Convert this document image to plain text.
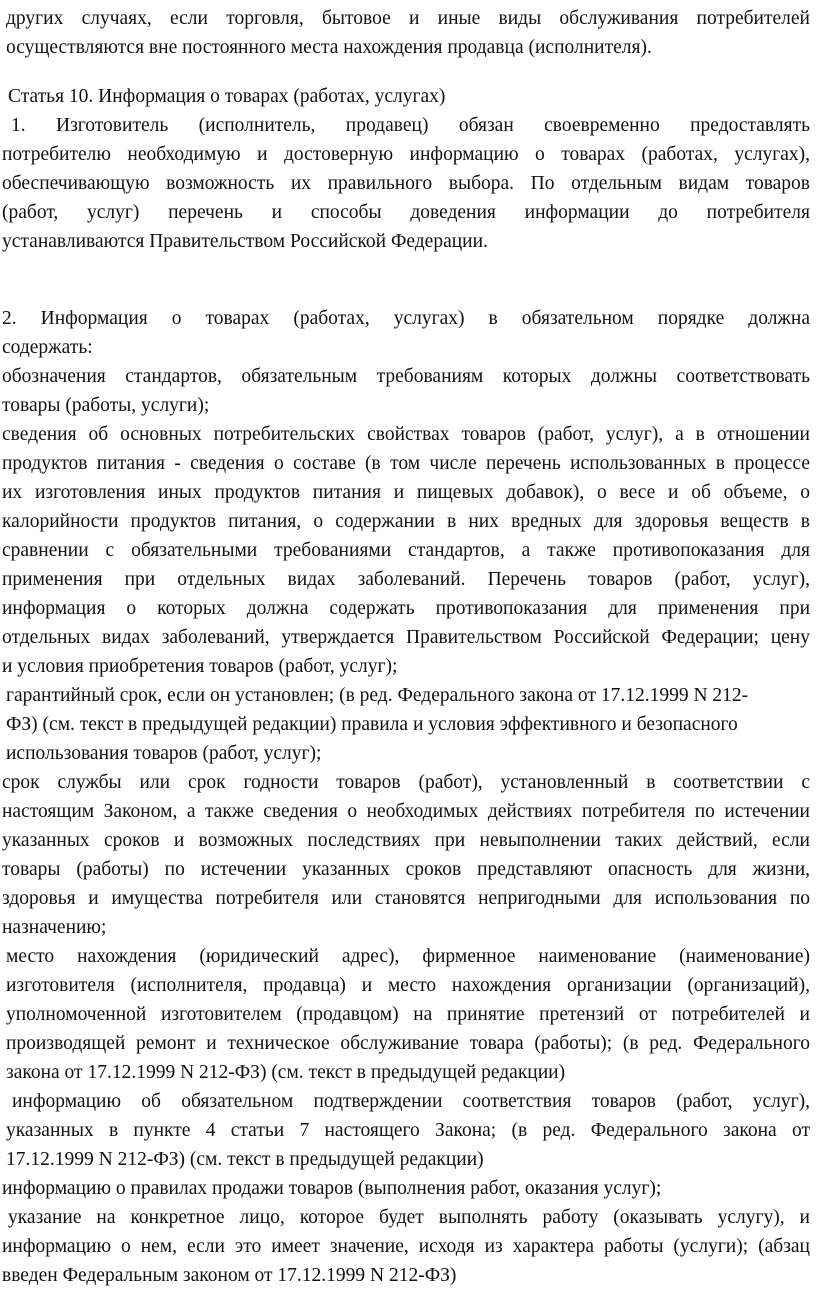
других случаях, если торговля, бытовое и иные виды обслуживания потребителей
осуществляются вне постоянного места нахождения продавца (исполнителя).
Статья 10. Информация о товарах (работах, услугах)
1. Изготовитель (исполнитель, продавец) обязан своевременно предоставлять
потребителю необходимую и достоверную информацию о товарах (работах, услугах),
обеспечивающую возможность их правильного выбора. По отдельным видам товаров
(работ, услуг) перечень и способы доведения информации до потребителя
устанавливаются Правительством Российской Федерации.
2. Информация о товарах (работах, услугах) в обязательном порядке должна
содержать:
обозначения стандартов, обязательным требованиям которых должны соответствовать
товары (работы, услуги);
сведения об основных потребительских свойствах товаров (работ, услуг), а в отношении
продуктов питания - сведения о составе (в том числе перечень использованных в процессе
их изготовления иных продуктов питания и пищевых добавок), о весе и об объеме, о
калорийности продуктов питания, о содержании в них вредных для здоровья веществ в
сравнении с обязательными требованиями стандартов, а также противопоказания для
применения при отдельных видах заболеваний. Перечень товаров (работ, услуг),
информация о которых должна содержать противопоказания для применения при
отдельных видах заболеваний, утверждается Правительством Российской Федерации; цену
и условия приобретения товаров (работ, услуг);
гарантийный срок, если он установлен; (в ред. Федерального закона от 17.12.1999 N 212-
ФЗ) (см. текст в предыдущей редакции) правила и условия эффективного и безопасного
использования товаров (работ, услуг);
срок службы или срок годности товаров (работ), установленный в соответствии с
настоящим Законом, а также сведения о необходимых действиях потребителя по истечении
указанных сроков и возможных последствиях при невыполнении таких действий, если
товары (работы) по истечении указанных сроков представляют опасность для жизни,
здоровья и имущества потребителя или становятся непригодными для использования по
назначению;
место нахождения (юридический адрес), фирменное наименование (наименование)
изготовителя (исполнителя, продавца) и место нахождения организации (организаций),
уполномоченной изготовителем (продавцом) на принятие претензий от потребителей и
производящей ремонт и техническое обслуживание товара (работы); (в ред. Федерального
закона от 17.12.1999 N 212-ФЗ) (см. текст в предыдущей редакции)
информацию об обязательном подтверждении соответствия товаров (работ, услуг),
указанных в пункте 4 статьи 7 настоящего Закона; (в ред. Федерального закона от
17.12.1999 N 212-ФЗ) (см. текст в предыдущей редакции)
информацию о правилах продажи товаров (выполнения работ, оказания услуг);
указание на конкретное лицо, которое будет выполнять работу (оказывать услугу), и
информацию о нем, если это имеет значение, исходя из характера работы (услуги); (абзац
введен Федеральным законом от 17.12.1999 N 212-ФЗ)
